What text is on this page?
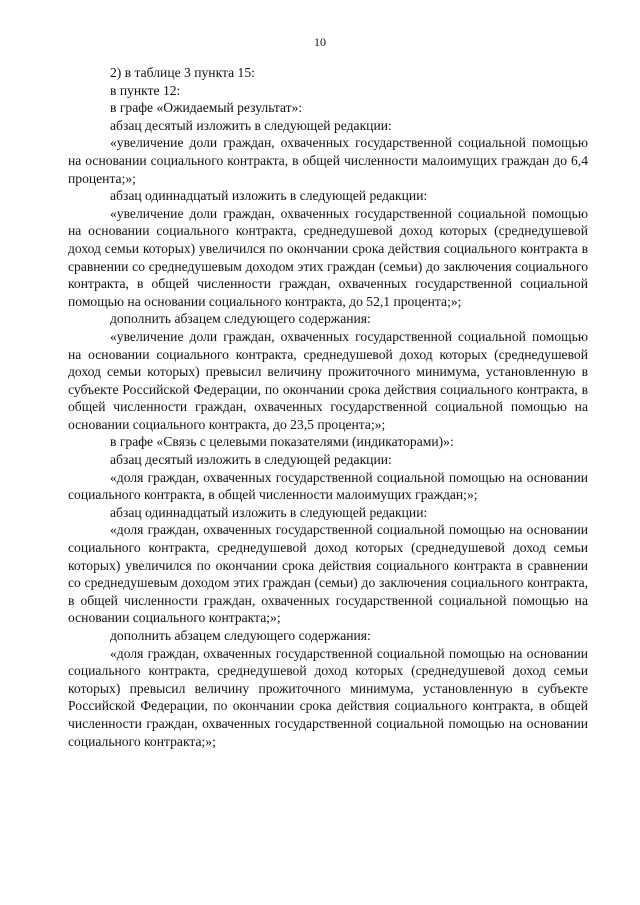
10

2) в таблице 3 пункта 15:

в пункте 12:

в графе «Ожидаемый результат»:

абзац десятый изложить в следующей редакции:

«увеличение доли граждан, охваченных государственной социальной помощью на основании социального контракта, в общей численности малоимущих граждан до 6,4 процента;»;

абзац одиннадцатый изложить в следующей редакции:

«увеличение доли граждан, охваченных государственной социальной помощью на основании социального контракта, среднедушевой доход которых (среднедушевой доход семьи которых) увеличился по окончании срока действия социального контракта в сравнении со среднедушевым доходом этих граждан (семьи) до заключения социального контракта, в общей численности граждан, охваченных государственной социальной помощью на основании социального контракта, до 52,1 процента;»;

дополнить абзацем следующего содержания:

«увеличение доли граждан, охваченных государственной социальной помощью на основании социального контракта, среднедушевой доход которых (среднедушевой доход семьи которых) превысил величину прожиточного минимума, установленную в субъекте Российской Федерации, по окончании срока действия социального контракта, в общей численности граждан, охваченных государственной социальной помощью на основании социального контракта, до 23,5 процента;»;

в графе «Связь с целевыми показателями (индикаторами)»:

абзац десятый изложить в следующей редакции:

«доля граждан, охваченных государственной социальной помощью на основании социального контракта, в общей численности малоимущих граждан;»;

абзац одиннадцатый изложить в следующей редакции:

«доля граждан, охваченных государственной социальной помощью на основании социального контракта, среднедушевой доход которых (среднедушевой доход семьи которых) увеличился по окончании срока действия социального контракта в сравнении со среднедушевым доходом этих граждан (семьи) до заключения социального контракта, в общей численности граждан, охваченных государственной социальной помощью на основании социального контракта;»;

дополнить абзацем следующего содержания:

«доля граждан, охваченных государственной социальной помощью на основании социального контракта, среднедушевой доход которых (среднедушевой доход семьи которых) превысил величину прожиточного минимума, установленную в субъекте Российской Федерации, по окончании срока действия социального контракта, в общей численности граждан, охваченных государственной социальной помощью на основании социального контракта;»;
